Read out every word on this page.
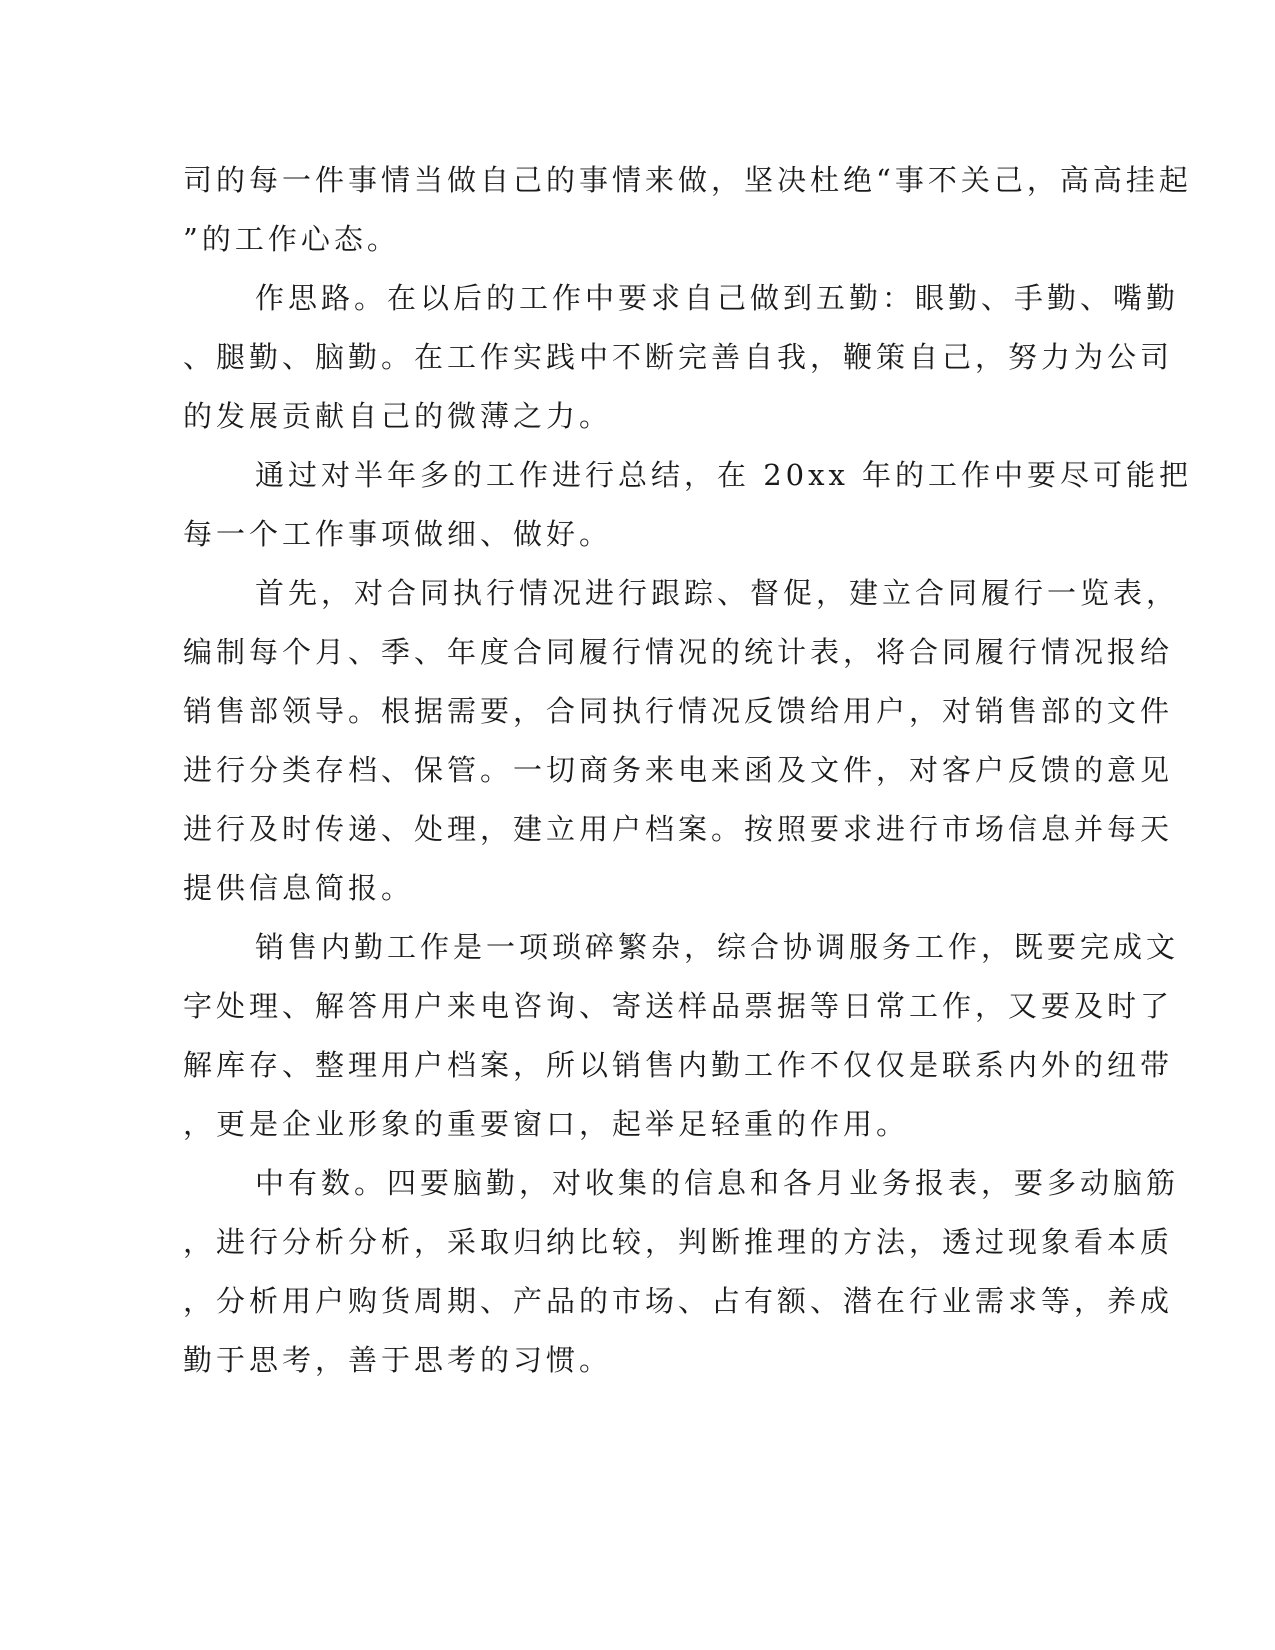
司的每一件事情当做自己的事情来做，坚决杜绝“事不关己，高高挂起
”的工作心态。
作思路。在以后的工作中要求自己做到五勤：眼勤、手勤、嘴勤
、腿勤、脑勤。在工作实践中不断完善自我，鞭策自己，努力为公司
的发展贡献自己的微薄之力。
通过对半年多的工作进行总结，在 20xx 年的工作中要尽可能把
每一个工作事项做细、做好。
首先，对合同执行情况进行跟踪、督促，建立合同履行一览表，
编制每个月、季、年度合同履行情况的统计表，将合同履行情况报给
销售部领导。根据需要，合同执行情况反馈给用户，对销售部的文件
进行分类存档、保管。一切商务来电来函及文件，对客户反馈的意见
进行及时传递、处理，建立用户档案。按照要求进行市场信息并每天
提供信息简报。
销售内勤工作是一项琐碎繁杂，综合协调服务工作，既要完成文
字处理、解答用户来电咨询、寄送样品票据等日常工作，又要及时了
解库存、整理用户档案，所以销售内勤工作不仅仅是联系内外的纽带
，更是企业形象的重要窗口，起举足轻重的作用。
中有数。四要脑勤，对收集的信息和各月业务报表，要多动脑筋
，进行分析分析，采取归纳比较，判断推理的方法，透过现象看本质
，分析用户购货周期、产品的市场、占有额、潜在行业需求等，养成
勤于思考，善于思考的习惯。
